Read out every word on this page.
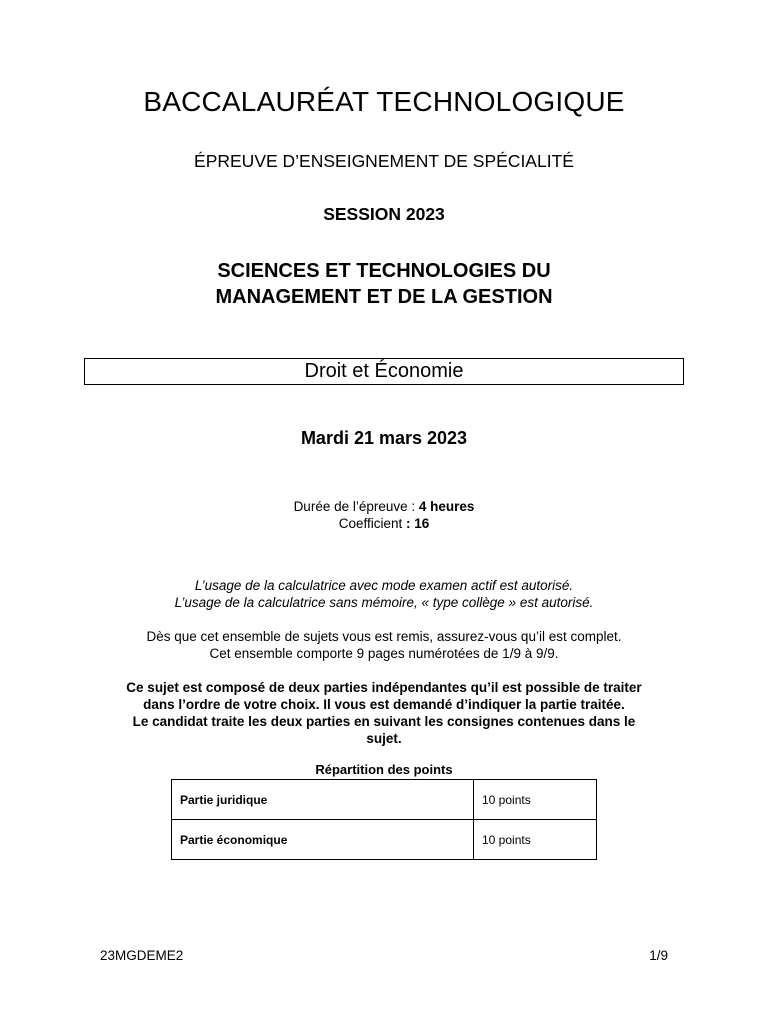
BACCALAURÉAT TECHNOLOGIQUE
ÉPREUVE D’ENSEIGNEMENT DE SPÉCIALITÉ
SESSION 2023
SCIENCES ET TECHNOLOGIES DU
MANAGEMENT ET DE LA GESTION
Droit et Économie
Mardi 21 mars 2023
Durée de l’épreuve : 4 heures
Coefficient : 16
L’usage de la calculatrice avec mode examen actif est autorisé.
L’usage de la calculatrice sans mémoire, « type collège » est autorisé.
Dès que cet ensemble de sujets vous est remis, assurez-vous qu’il est complet.
Cet ensemble comporte 9 pages numérotées de 1/9 à 9/9.
Ce sujet est composé de deux parties indépendantes qu’il est possible de traiter
dans l’ordre de votre choix. Il vous est demandé d’indiquer la partie traitée.
Le candidat traite les deux parties en suivant les consignes contenues dans le
sujet.
Répartition des points
Partie juridique	10 points
Partie économique	10 points
23MGDEME2	1/9
